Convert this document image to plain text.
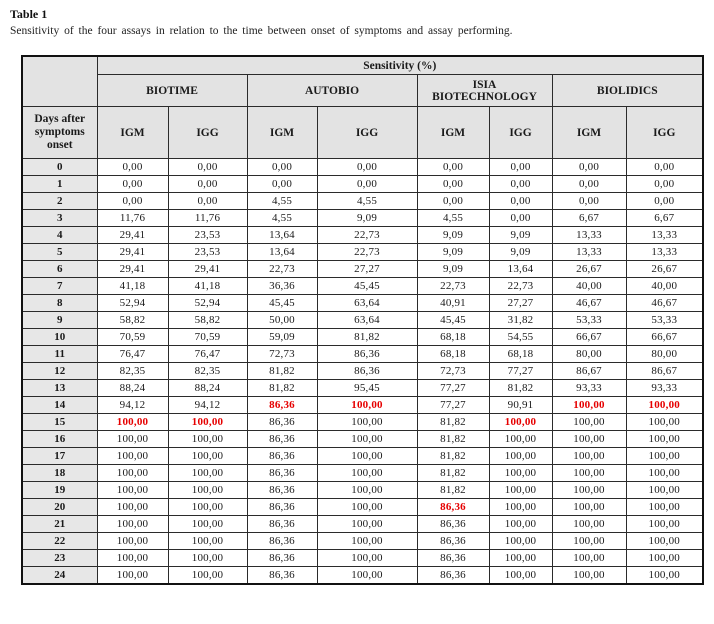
Table 1
Sensitivity of the four assays in relation to the time between onset of symptoms and assay performing.
	Sensitivity (%)							
	BIOTIME		AUTOBIO		ISIA BIOTECHNOLOGY		BIOLIDICS	
Days after symptoms onset	IGM	IGG	IGM	IGG	IGM	IGG	IGM	IGG
0	0,00	0,00	0,00	0,00	0,00	0,00	0,00	0,00
1	0,00	0,00	0,00	0,00	0,00	0,00	0,00	0,00
2	0,00	0,00	4,55	4,55	0,00	0,00	0,00	0,00
3	11,76	11,76	4,55	9,09	4,55	0,00	6,67	6,67
4	29,41	23,53	13,64	22,73	9,09	9,09	13,33	13,33
5	29,41	23,53	13,64	22,73	9,09	9,09	13,33	13,33
6	29,41	29,41	22,73	27,27	9,09	13,64	26,67	26,67
7	41,18	41,18	36,36	45,45	22,73	22,73	40,00	40,00
8	52,94	52,94	45,45	63,64	40,91	27,27	46,67	46,67
9	58,82	58,82	50,00	63,64	45,45	31,82	53,33	53,33
10	70,59	70,59	59,09	81,82	68,18	54,55	66,67	66,67
11	76,47	76,47	72,73	86,36	68,18	68,18	80,00	80,00
12	82,35	82,35	81,82	86,36	72,73	77,27	86,67	86,67
13	88,24	88,24	81,82	95,45	77,27	81,82	93,33	93,33
14	94,12	94,12	86,36	100,00	77,27	90,91	100,00	100,00
15	100,00	100,00	86,36	100,00	81,82	100,00	100,00	100,00
16	100,00	100,00	86,36	100,00	81,82	100,00	100,00	100,00
17	100,00	100,00	86,36	100,00	81,82	100,00	100,00	100,00
18	100,00	100,00	86,36	100,00	81,82	100,00	100,00	100,00
19	100,00	100,00	86,36	100,00	81,82	100,00	100,00	100,00
20	100,00	100,00	86,36	100,00	86,36	100,00	100,00	100,00
21	100,00	100,00	86,36	100,00	86,36	100,00	100,00	100,00
22	100,00	100,00	86,36	100,00	86,36	100,00	100,00	100,00
23	100,00	100,00	86,36	100,00	86,36	100,00	100,00	100,00
24	100,00	100,00	86,36	100,00	86,36	100,00	100,00	100,00
